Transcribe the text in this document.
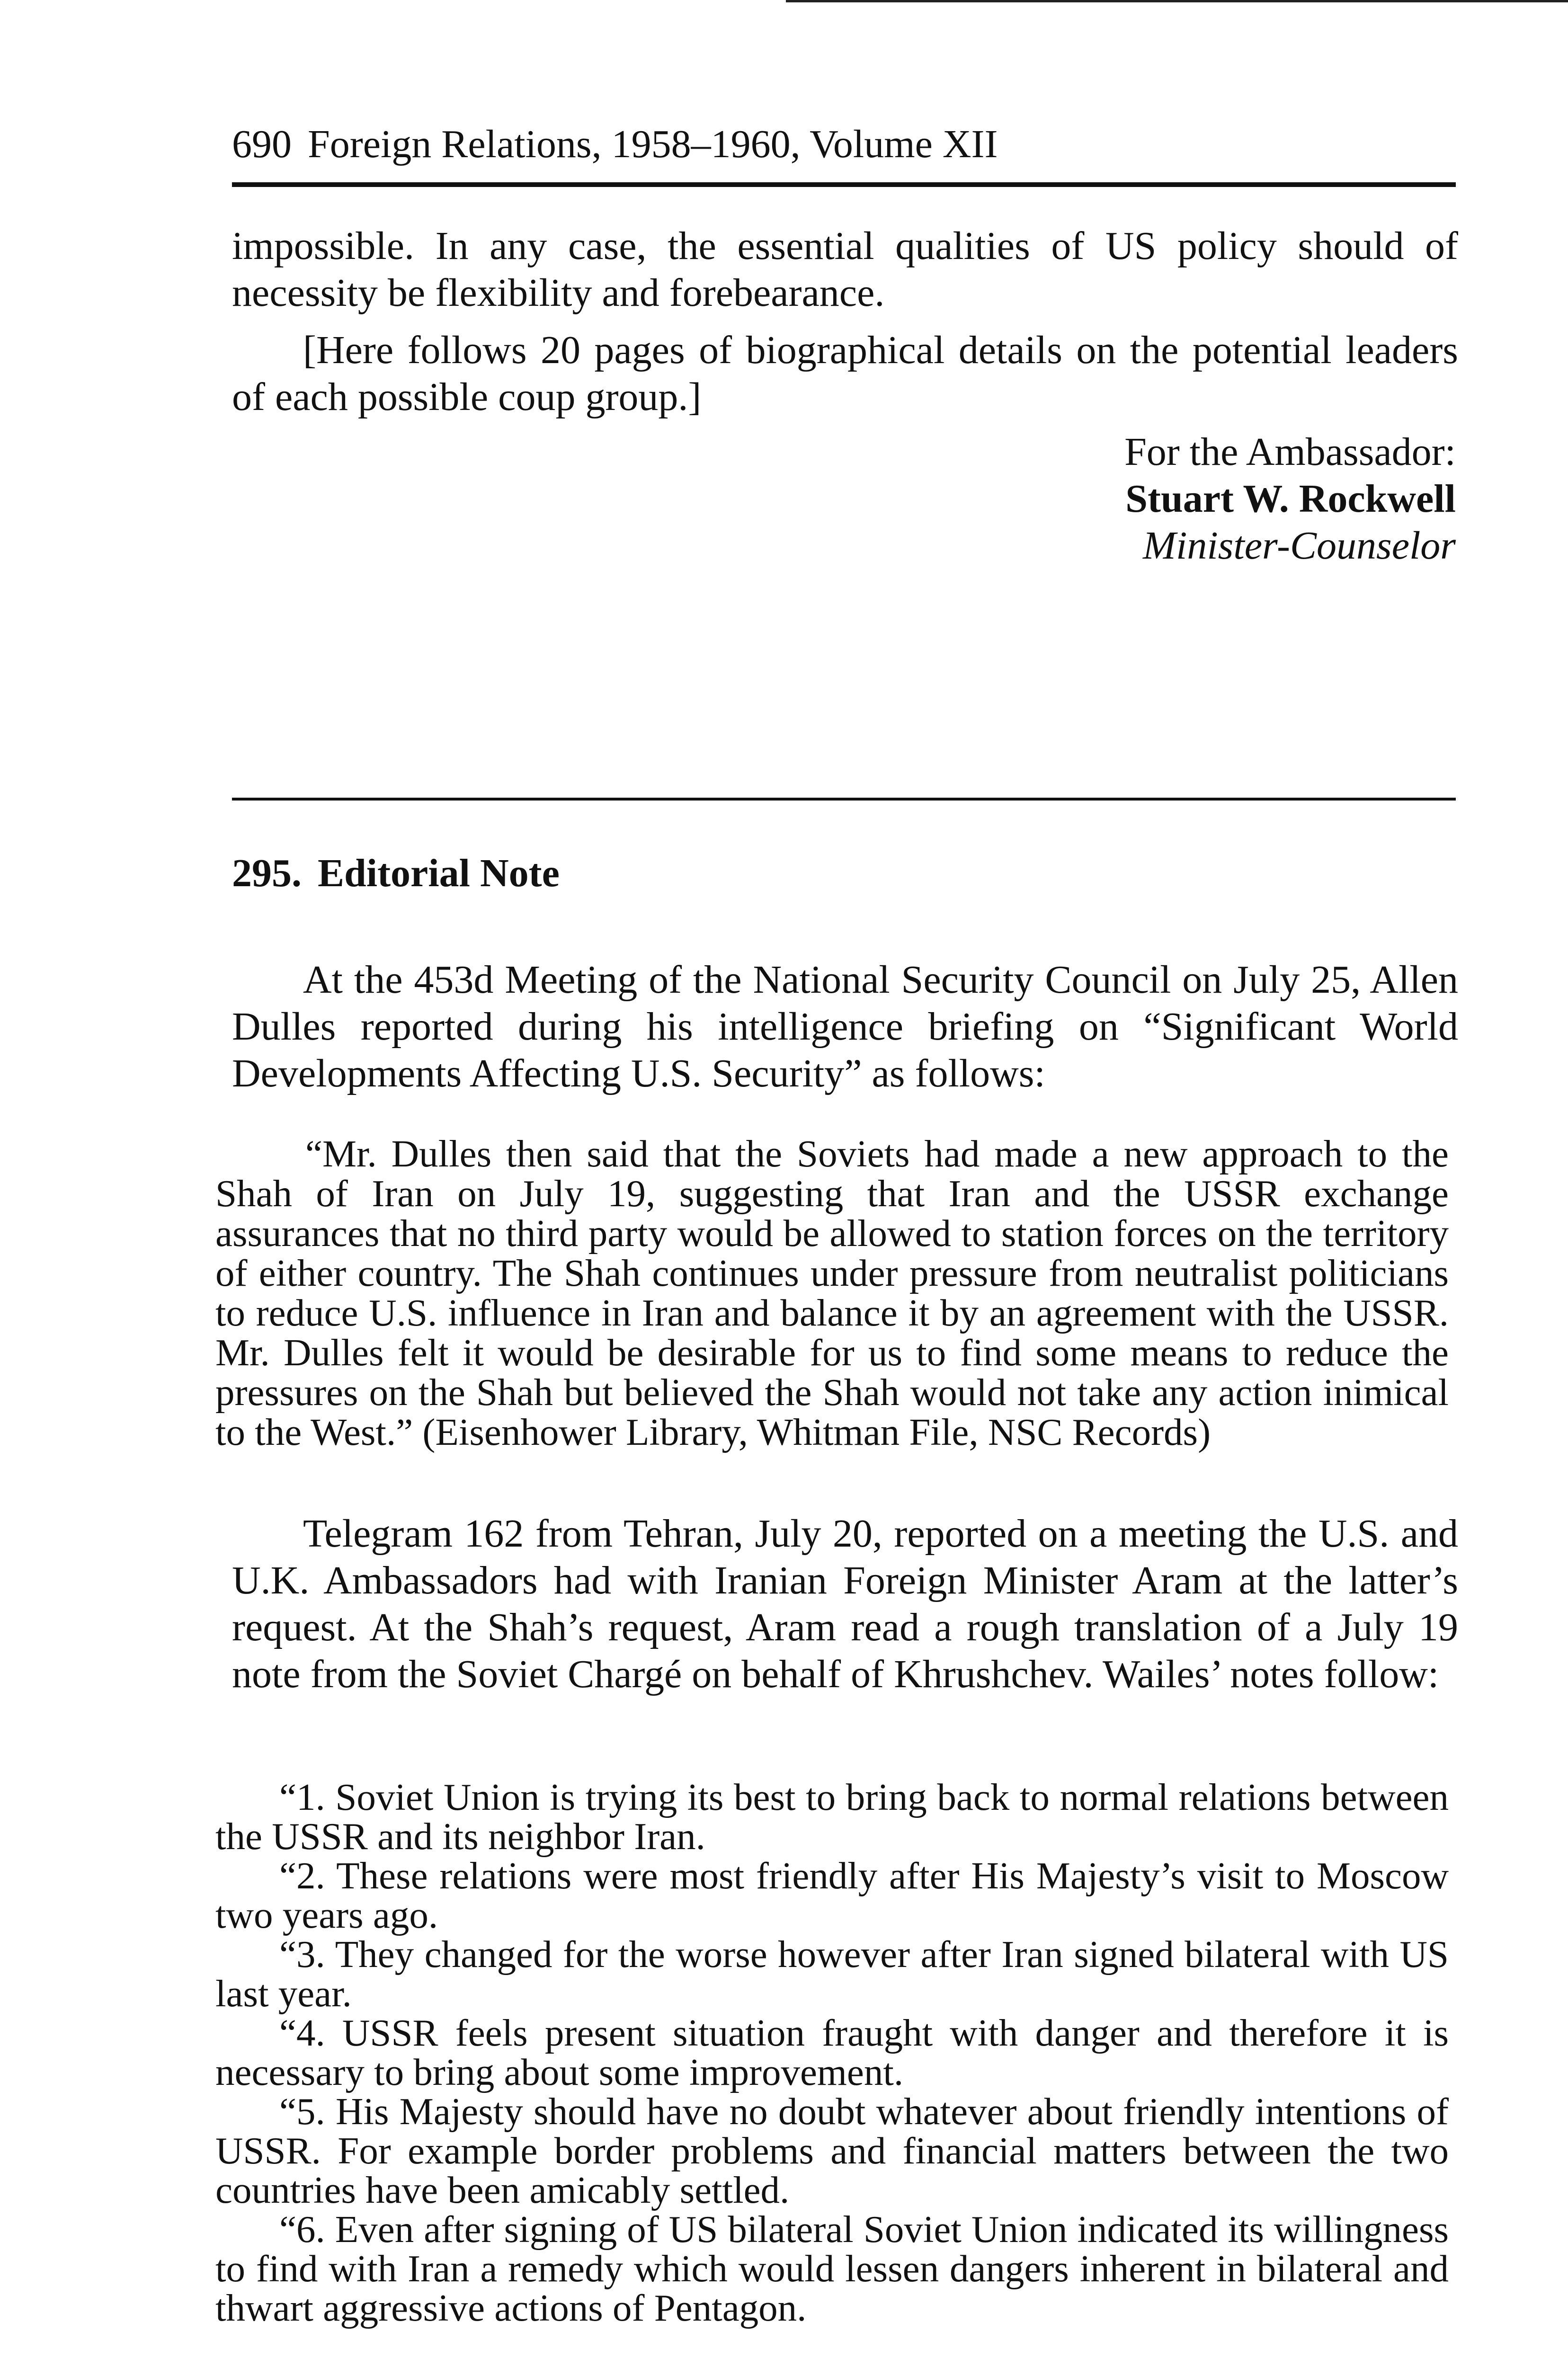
690 Foreign Relations, 1958–1960, Volume XII

impossible. In any case, the essential qualities of US policy should of necessity be flexibility and forebearance.

[Here follows 20 pages of biographical details on the potential leaders of each possible coup group.]

For the Ambassador:
Stuart W. Rockwell
Minister-Counselor
295. Editorial Note

At the 453d Meeting of the National Security Council on July 25, Allen Dulles reported during his intelligence briefing on “Significant World Developments Affecting U.S. Security” as follows:

“Mr. Dulles then said that the Soviets had made a new approach to the Shah of Iran on July 19, suggesting that Iran and the USSR exchange assurances that no third party would be allowed to station forces on the territory of either country. The Shah continues under pressure from neutralist politicians to reduce U.S. influence in Iran and balance it by an agreement with the USSR. Mr. Dulles felt it would be desirable for us to find some means to reduce the pressures on the Shah but believed the Shah would not take any action inimical to the West.” (Eisenhower Library, Whitman File, NSC Records)

Telegram 162 from Tehran, July 20, reported on a meeting the U.S. and U.K. Ambassadors had with Iranian Foreign Minister Aram at the latter’s request. At the Shah’s request, Aram read a rough translation of a July 19 note from the Soviet Chargé on behalf of Khrushchev. Wailes’ notes follow:

“1. Soviet Union is trying its best to bring back to normal relations between the USSR and its neighbor Iran.
“2. These relations were most friendly after His Majesty’s visit to Moscow two years ago.
“3. They changed for the worse however after Iran signed bilateral with US last year.
“4. USSR feels present situation fraught with danger and therefore it is necessary to bring about some improvement.
“5. His Majesty should have no doubt whatever about friendly intentions of USSR. For example border problems and financial matters between the two countries have been amicably settled.
“6. Even after signing of US bilateral Soviet Union indicated its willingness to find with Iran a remedy which would lessen dangers inherent in bilateral and thwart aggressive actions of Pentagon.
